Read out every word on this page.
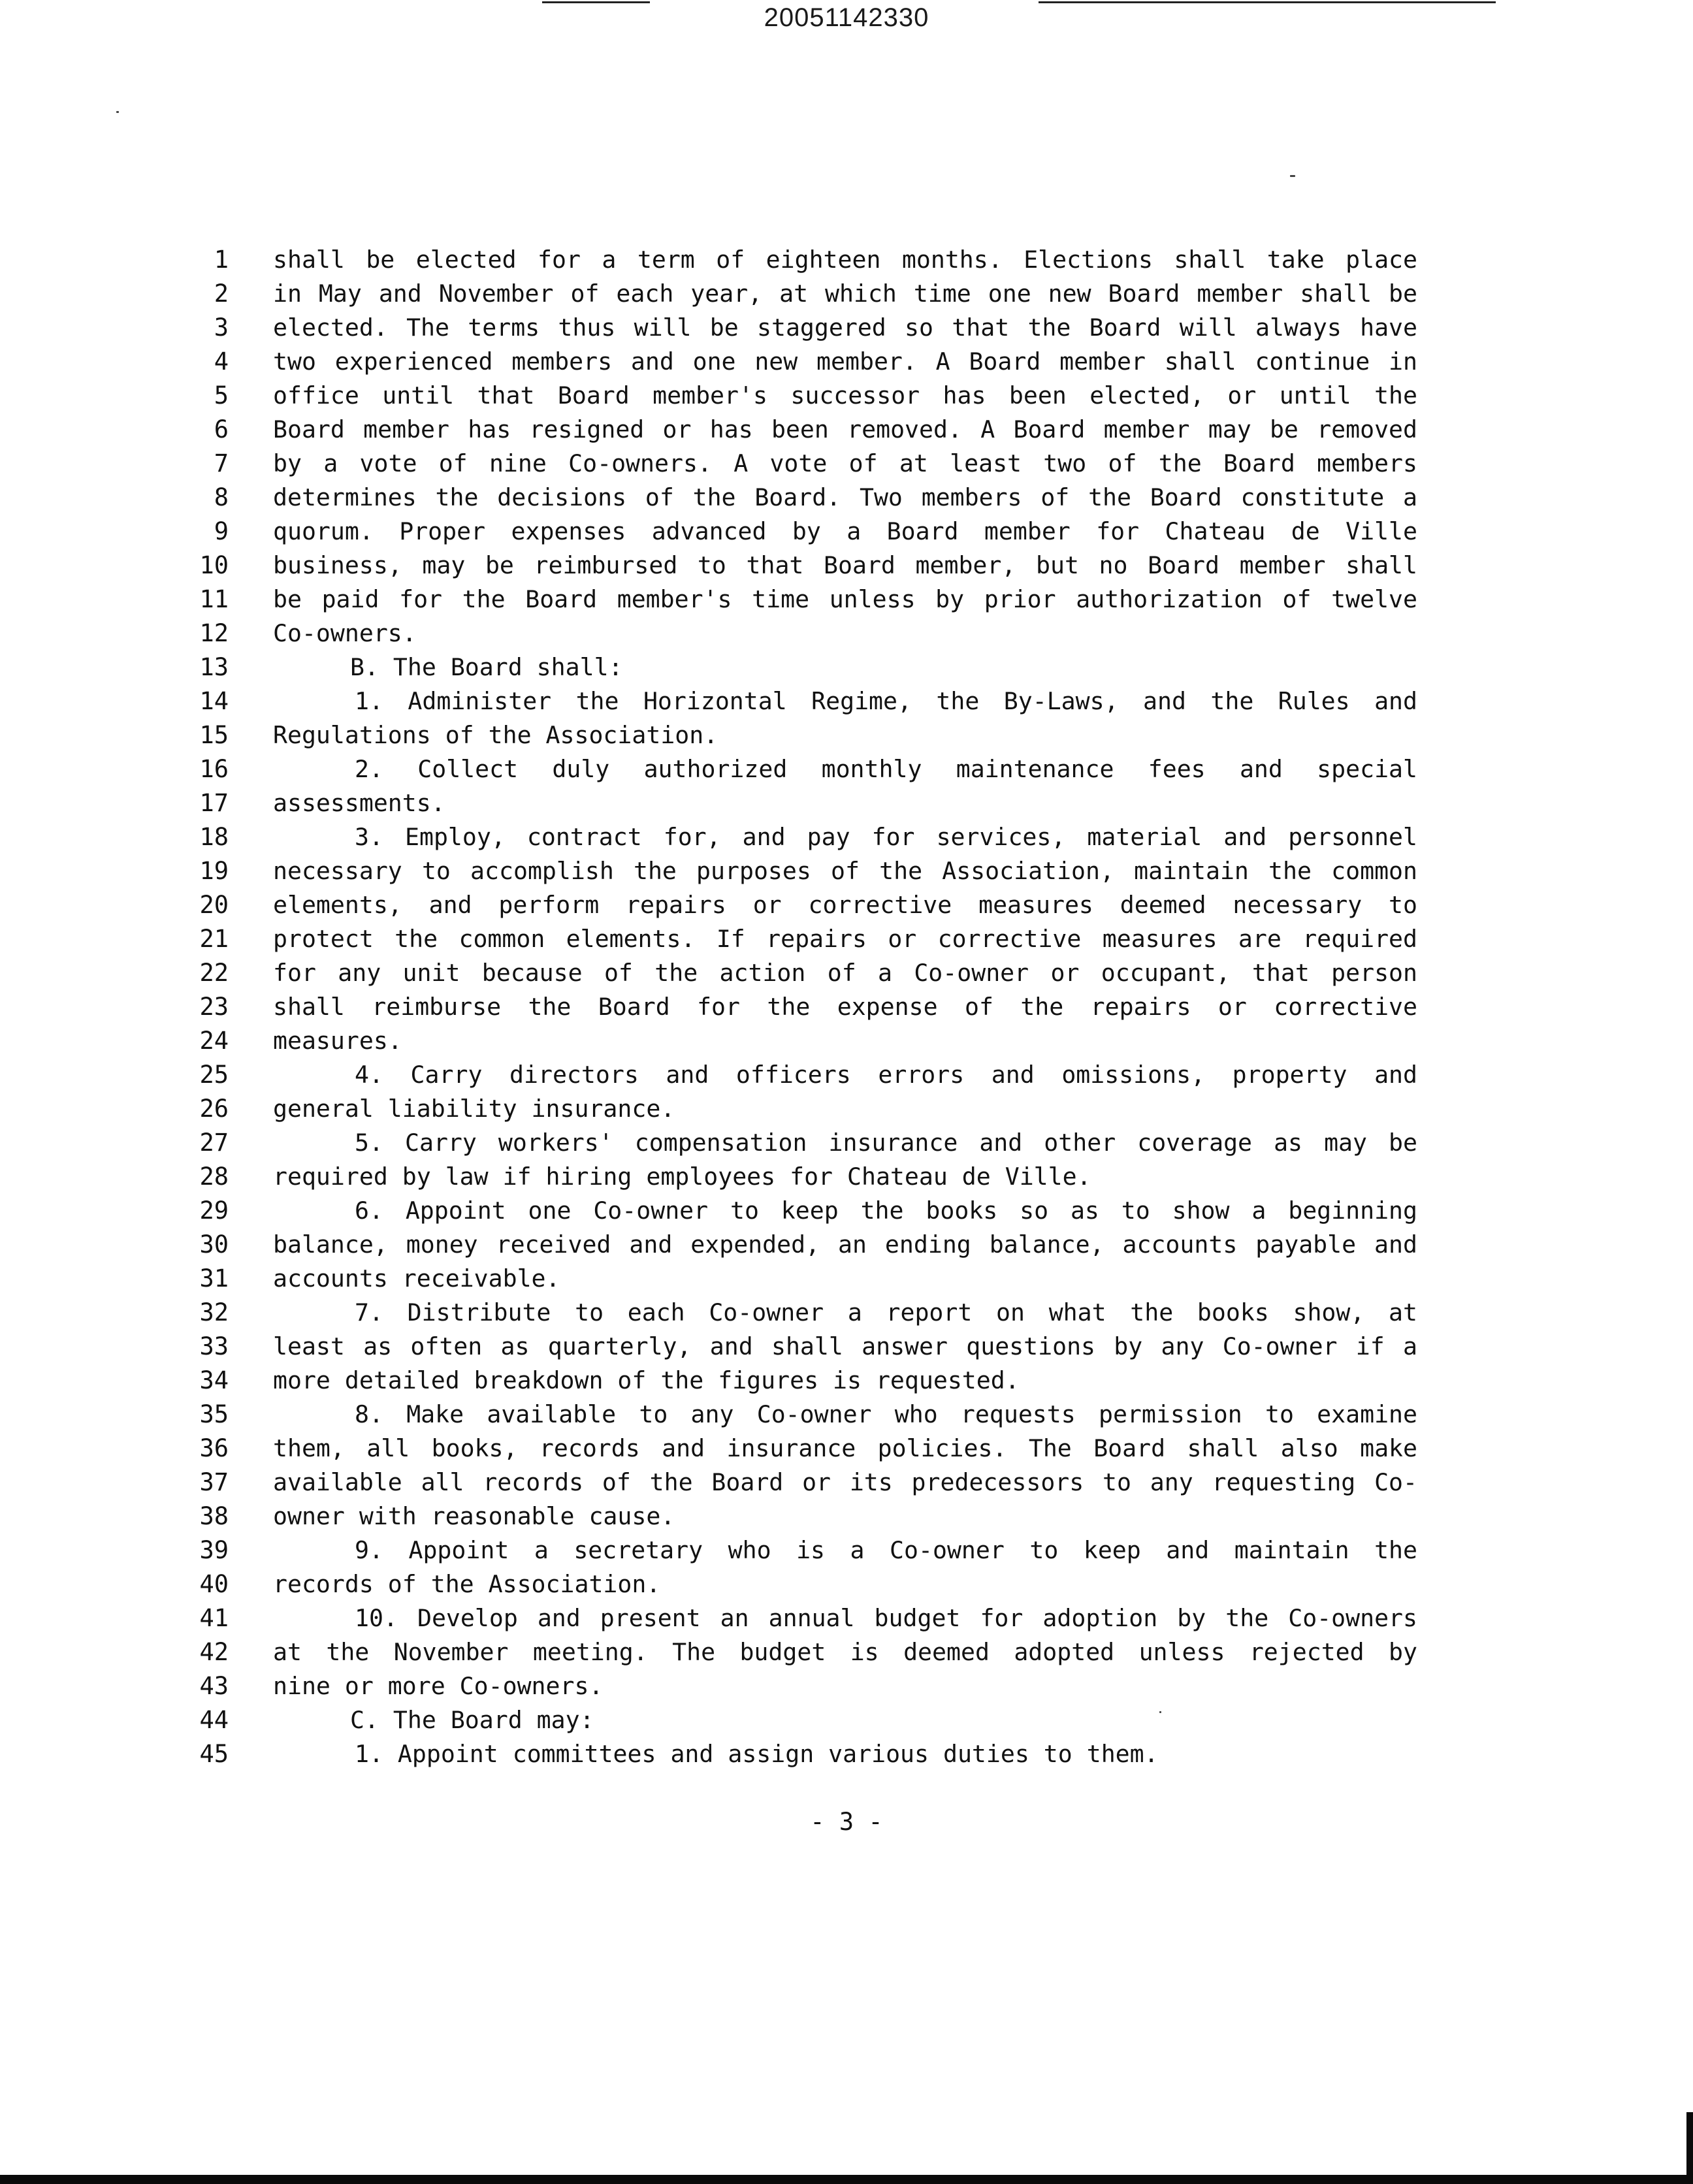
20051142330
1 shall be elected for a term of eighteen months. Elections shall take place
2 in May and November of each year, at which time one new Board member shall be
3 elected. The terms thus will be staggered so that the Board will always have
4 two experienced members and one new member. A Board member shall continue in
5 office until that Board member's successor has been elected, or until the
6 Board member has resigned or has been removed. A Board member may be removed
7 by a vote of nine Co-owners. A vote of at least two of the Board members
8 determines the decisions of the Board. Two members of the Board constitute a
9 quorum. Proper expenses advanced by a Board member for Chateau de Ville
10 business, may be reimbursed to that Board member, but no Board member shall
11 be paid for the Board member's time unless by prior authorization of twelve
12 Co-owners.
13	B. The Board shall:
14	1. Administer the Horizontal Regime, the By-Laws, and the Rules and
15 Regulations of the Association.
16	2. Collect duly authorized monthly maintenance fees and special
17 assessments.
18	3. Employ, contract for, and pay for services, material and personnel
19 necessary to accomplish the purposes of the Association, maintain the common
20 elements, and perform repairs or corrective measures deemed necessary to
21 protect the common elements. If repairs or corrective measures are required
22 for any unit because of the action of a Co-owner or occupant, that person
23 shall reimburse the Board for the expense of the repairs or corrective
24 measures.
25	4. Carry directors and officers errors and omissions, property and
26 general liability insurance.
27	5. Carry workers' compensation insurance and other coverage as may be
28 required by law if hiring employees for Chateau de Ville.
29	6. Appoint one Co-owner to keep the books so as to show a beginning
30 balance, money received and expended, an ending balance, accounts payable and
31 accounts receivable.
32	7. Distribute to each Co-owner a report on what the books show, at
33 least as often as quarterly, and shall answer questions by any Co-owner if a
34 more detailed breakdown of the figures is requested.
35	8. Make available to any Co-owner who requests permission to examine
36 them, all books, records and insurance policies. The Board shall also make
37 available all records of the Board or its predecessors to any requesting Co-
38 owner with reasonable cause.
39	9. Appoint a secretary who is a Co-owner to keep and maintain the
40 records of the Association.
41	10. Develop and present an annual budget for adoption by the Co-owners
42 at the November meeting. The budget is deemed adopted unless rejected by
43 nine or more Co-owners.
44	C. The Board may:
45	1. Appoint committees and assign various duties to them.
- 3 -
